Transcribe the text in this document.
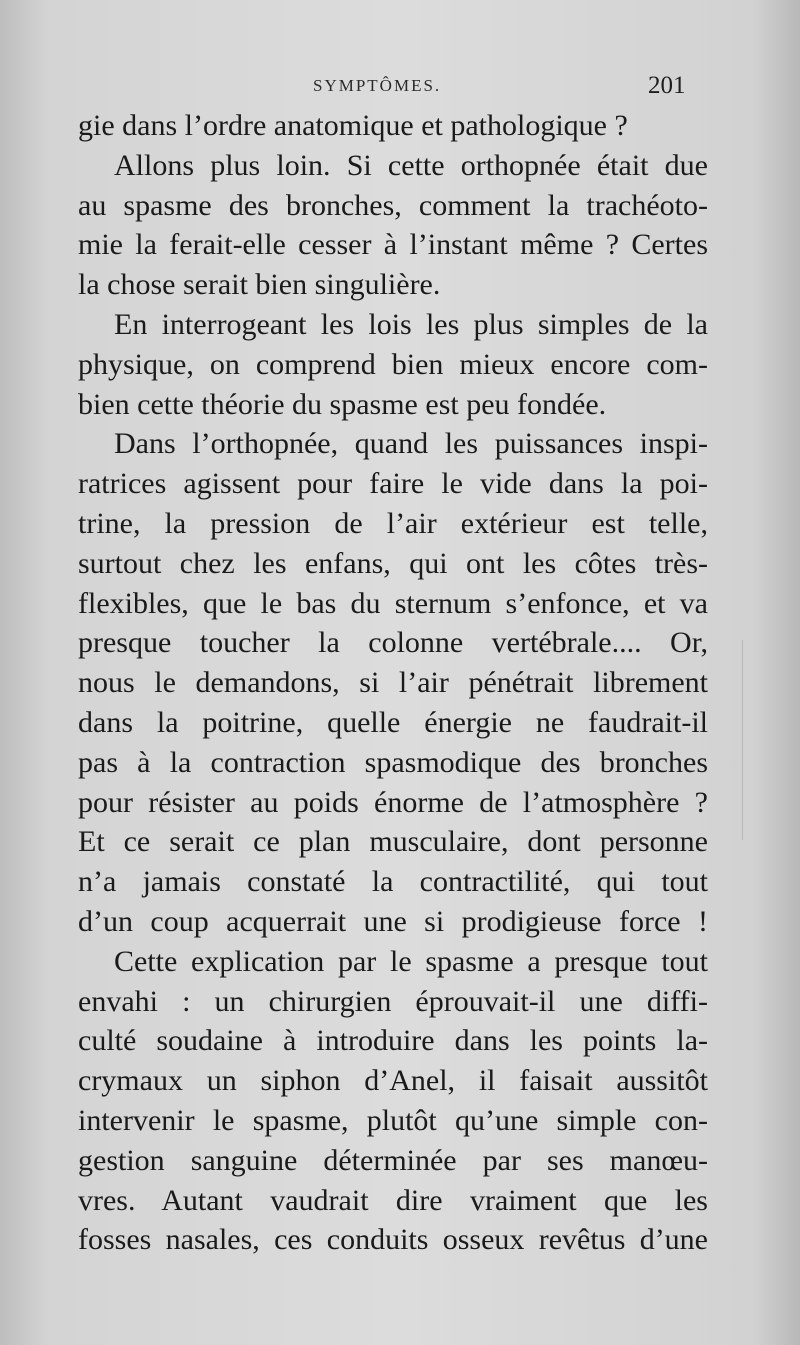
SYMPTÔMES.	201
gie dans l’ordre anatomique et pathologique ?
Allons plus loin. Si cette orthopnée était due
au spasme des bronches, comment la trachéoto-
mie la ferait-elle cesser à l’instant même ? Certes
la chose serait bien singulière.
En interrogeant les lois les plus simples de la
physique, on comprend bien mieux encore com-
bien cette théorie du spasme est peu fondée.
Dans l’orthopnée, quand les puissances inspi-
ratrices agissent pour faire le vide dans la poi-
trine, la pression de l’air extérieur est telle,
surtout chez les enfans, qui ont les côtes très-
flexibles, que le bas du sternum s’enfonce, et va
presque toucher la colonne vertébrale.... Or,
nous le demandons, si l’air pénétrait librement
dans la poitrine, quelle énergie ne faudrait-il
pas à la contraction spasmodique des bronches
pour résister au poids énorme de l’atmosphère ?
Et ce serait ce plan musculaire, dont personne
n’a jamais constaté la contractilité, qui tout
d’un coup acquerrait une si prodigieuse force !
Cette explication par le spasme a presque tout
envahi : un chirurgien éprouvait-il une diffi-
culté soudaine à introduire dans les points la-
crymaux un siphon d’Anel, il faisait aussitôt
intervenir le spasme, plutôt qu’une simple con-
gestion sanguine déterminée par ses manœu-
vres. Autant vaudrait dire vraiment que les
fosses nasales, ces conduits osseux revêtus d’une
